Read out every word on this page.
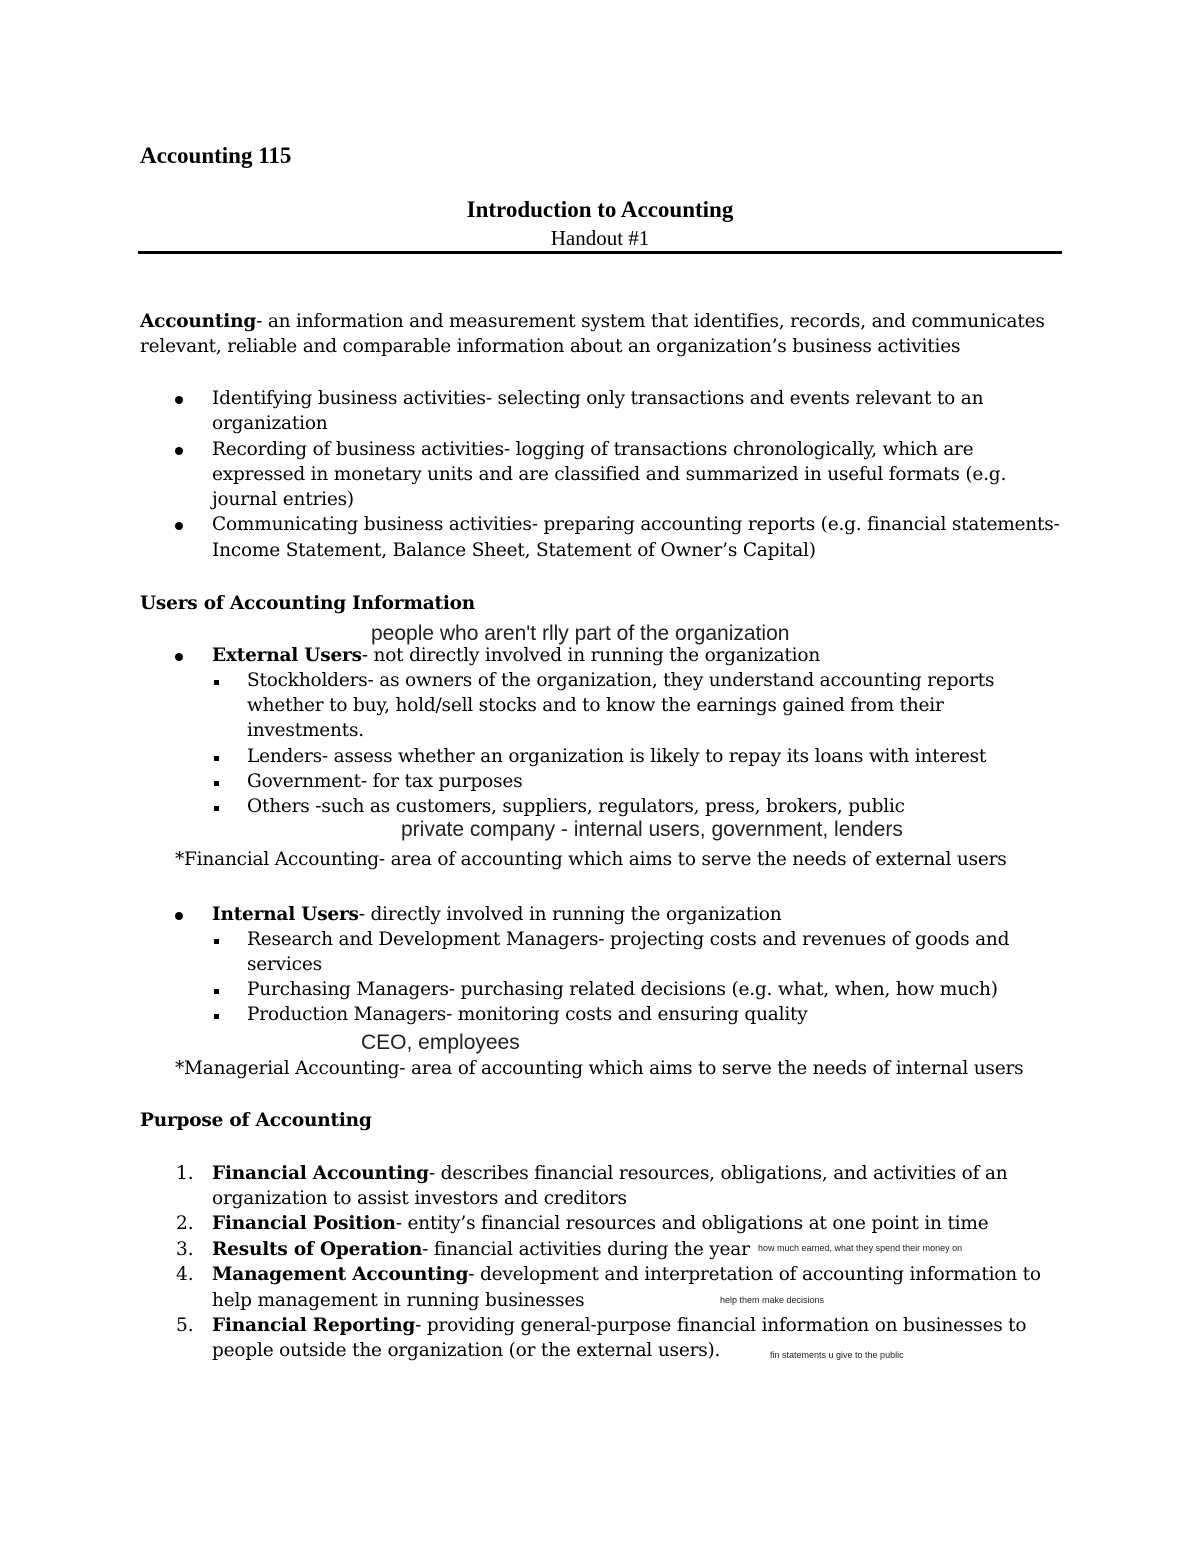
Accounting 115
Introduction to Accounting
Handout #1
Accounting- an information and measurement system that identifies, records, and communicates
relevant, reliable and comparable information about an organization’s business activities
Identifying business activities- selecting only transactions and events relevant to an
organization
Recording of business activities- logging of transactions chronologically, which are
expressed in monetary units and are classified and summarized in useful formats (e.g.
journal entries)
Communicating business activities- preparing accounting reports (e.g. financial statements-
Income Statement, Balance Sheet, Statement of Owner’s Capital)
Users of Accounting Information
people who aren't rlly part of the organization
External Users- not directly involved in running the organization
Stockholders- as owners of the organization, they understand accounting reports
whether to buy, hold/sell stocks and to know the earnings gained from their
investments.
Lenders- assess whether an organization is likely to repay its loans with interest
Government- for tax purposes
Others -such as customers, suppliers, regulators, press, brokers, public
private company - internal users, government, lenders
*Financial Accounting- area of accounting which aims to serve the needs of external users
Internal Users- directly involved in running the organization
Research and Development Managers- projecting costs and revenues of goods and
services
Purchasing Managers- purchasing related decisions (e.g. what, when, how much)
Production Managers- monitoring costs and ensuring quality
CEO, employees
*Managerial Accounting- area of accounting which aims to serve the needs of internal users
Purpose of Accounting
1. Financial Accounting- describes financial resources, obligations, and activities of an
organization to assist investors and creditors
2. Financial Position- entity’s financial resources and obligations at one point in time
3. Results of Operation- financial activities during the year how much earned, what they spend their money on
4. Management Accounting- development and interpretation of accounting information to
help management in running businesses	help them make decisions
5. Financial Reporting- providing general-purpose financial information on businesses to
people outside the organization (or the external users).	fin statements u give to the public
